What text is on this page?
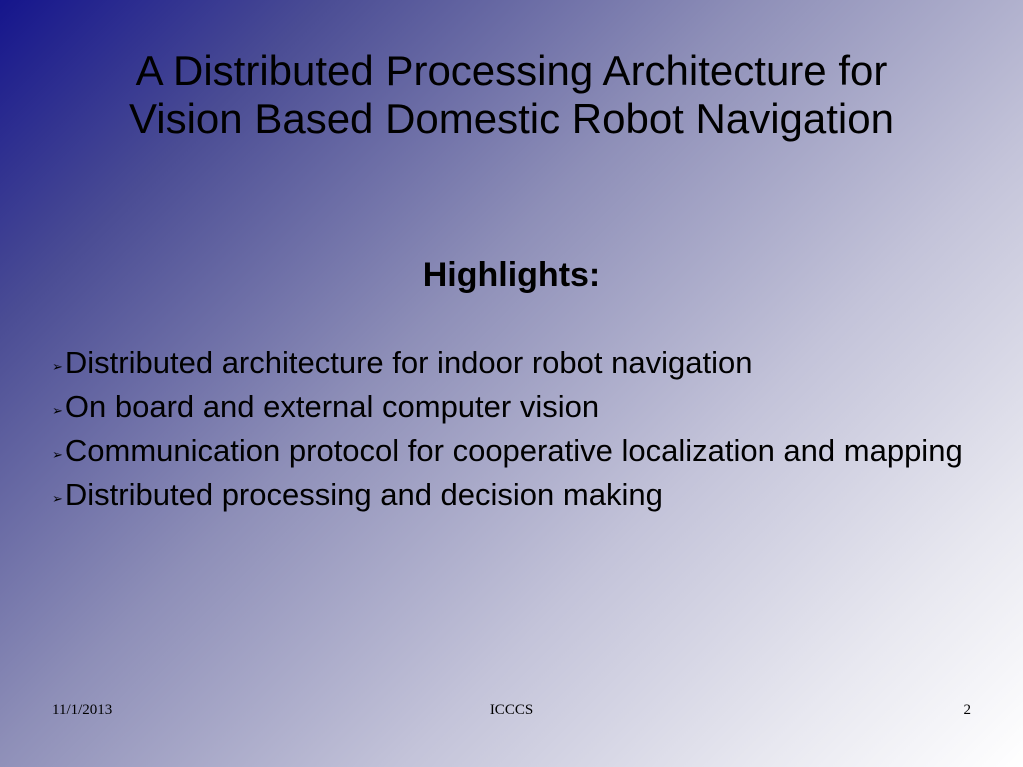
A Distributed Processing Architecture for
Vision Based Domestic Robot Navigation
Highlights:
➢Distributed architecture for indoor robot navigation
➢On board and external computer vision
➢Communication protocol for cooperative localization and mapping
➢Distributed processing and decision making
11/1/2013	ICCCS	2
